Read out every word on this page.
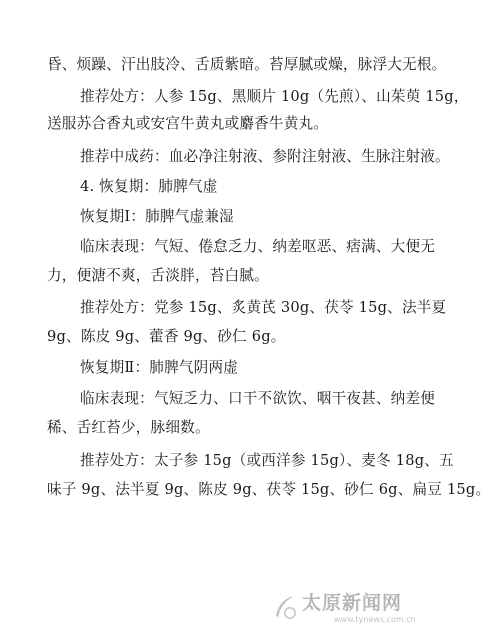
昏、烦躁、汗出肢冷、舌质紫暗。苔厚腻或燥，脉浮大无根。
推荐处方：人参 15g、黑顺片 10g（先煎）、山茱萸 15g，
送服苏合香丸或安宫牛黄丸或麝香牛黄丸。
推荐中成药：血必净注射液、参附注射液、生脉注射液。
4. 恢复期：肺脾气虚
恢复期Ⅰ：肺脾气虚兼湿
临床表现：气短、倦怠乏力、纳差呕恶、痞满、大便无
力，便溏不爽，舌淡胖，苔白腻。
推荐处方：党参 15g、炙黄芪 30g、茯苓 15g、法半夏
9g、陈皮 9g、藿香 9g、砂仁 6g。
恢复期Ⅱ：肺脾气阴两虚
临床表现：气短乏力、口干不欲饮、咽干夜甚、纳差便
稀、舌红苔少，脉细数。
推荐处方：太子参 15g（或西洋参 15g）、麦冬 18g、五
味子 9g、法半夏 9g、陈皮 9g、茯苓 15g、砂仁 6g、扁豆 15g。
太原新闻网
www.tynews.com.cn
